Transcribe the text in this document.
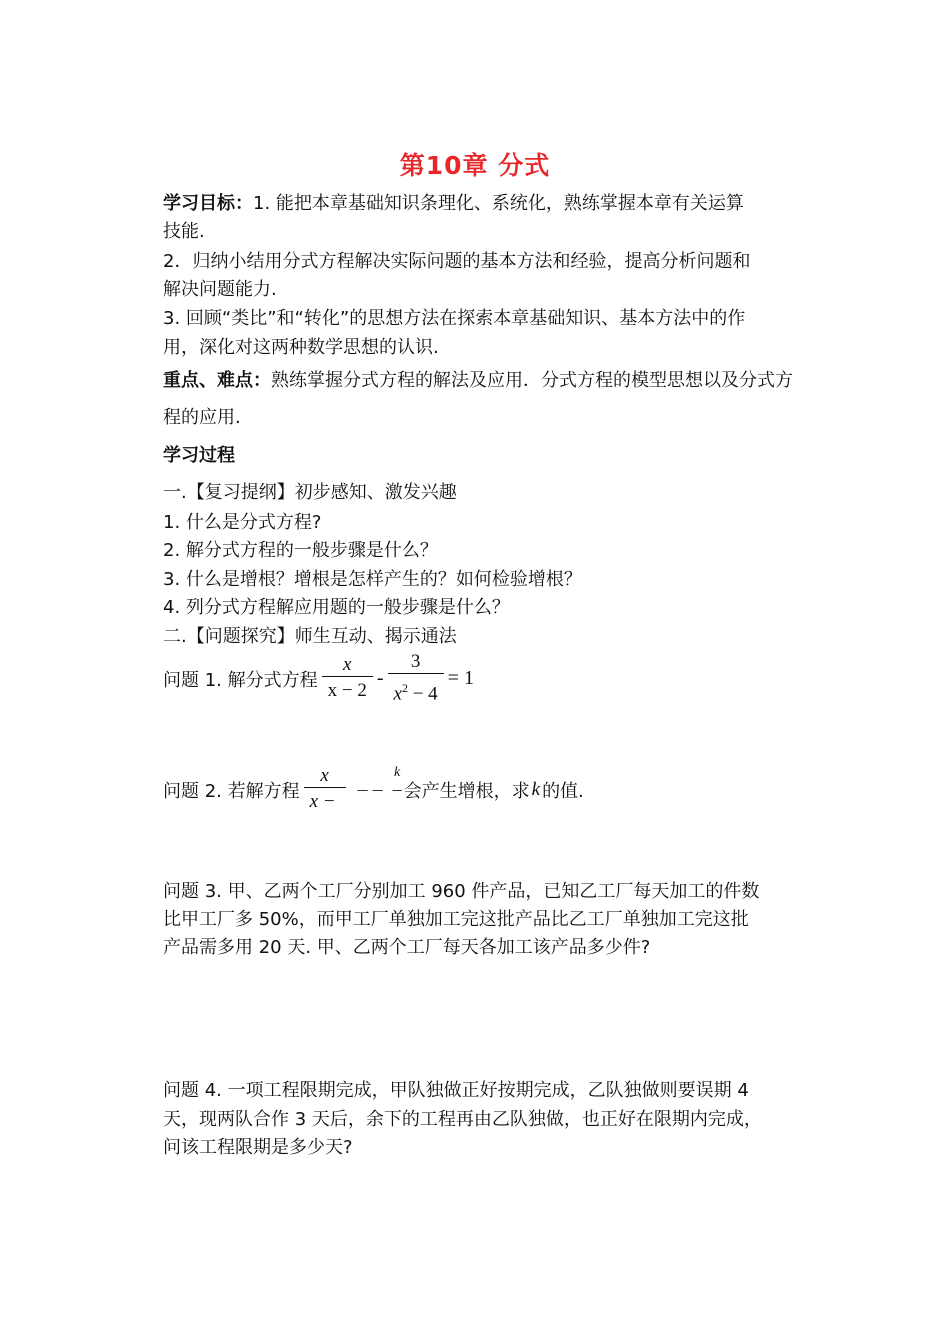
第10章 分式
学习目标：1. 能把本章基础知识条理化、系统化，熟练掌握本章有关运算
技能.
2．归纳小结用分式方程解决实际问题的基本方法和经验，提高分析问题和
解决问题能力.
3. 回顾“类比”和“转化”的思想方法在探索本章基础知识、基本方法中的作
用，深化对这两种数学思想的认识.
重点、难点：熟练掌握分式方程的解法及应用．分式方程的模型思想以及分式方
程的应用.
学习过程
一.【复习提纲】初步感知、激发兴趣
1. 什么是分式方程?
2. 解分式方程的一般步骤是什么？
3. 什么是增根？增根是怎样产生的？如何检验增根？
4. 列分式方程解应用题的一般步骤是什么？
二.【问题探究】师生互动、揭示通法
问题 1. 解分式方程 $\frac{x}{x - 2} - \frac{3}{x^2 - 4} = 1$
问题 2. 若解方程 $\frac{x}{x -}$ – –
k
– 会产生增根，求 k 的值.
问题 3. 甲、乙两个工厂分别加工 960 件产品，已知乙工厂每天加工的件数
比甲工厂多 50%，而甲工厂单独加工完这批产品比乙工厂单独加工完这批
产品需多用 20 天. 甲、乙两个工厂每天各加工该产品多少件?
问题 4. 一项工程限期完成，甲队独做正好按期完成，乙队独做则要误期 4
天，现两队合作 3 天后，余下的工程再由乙队独做，也正好在限期内完成，
问该工程限期是多少天?
